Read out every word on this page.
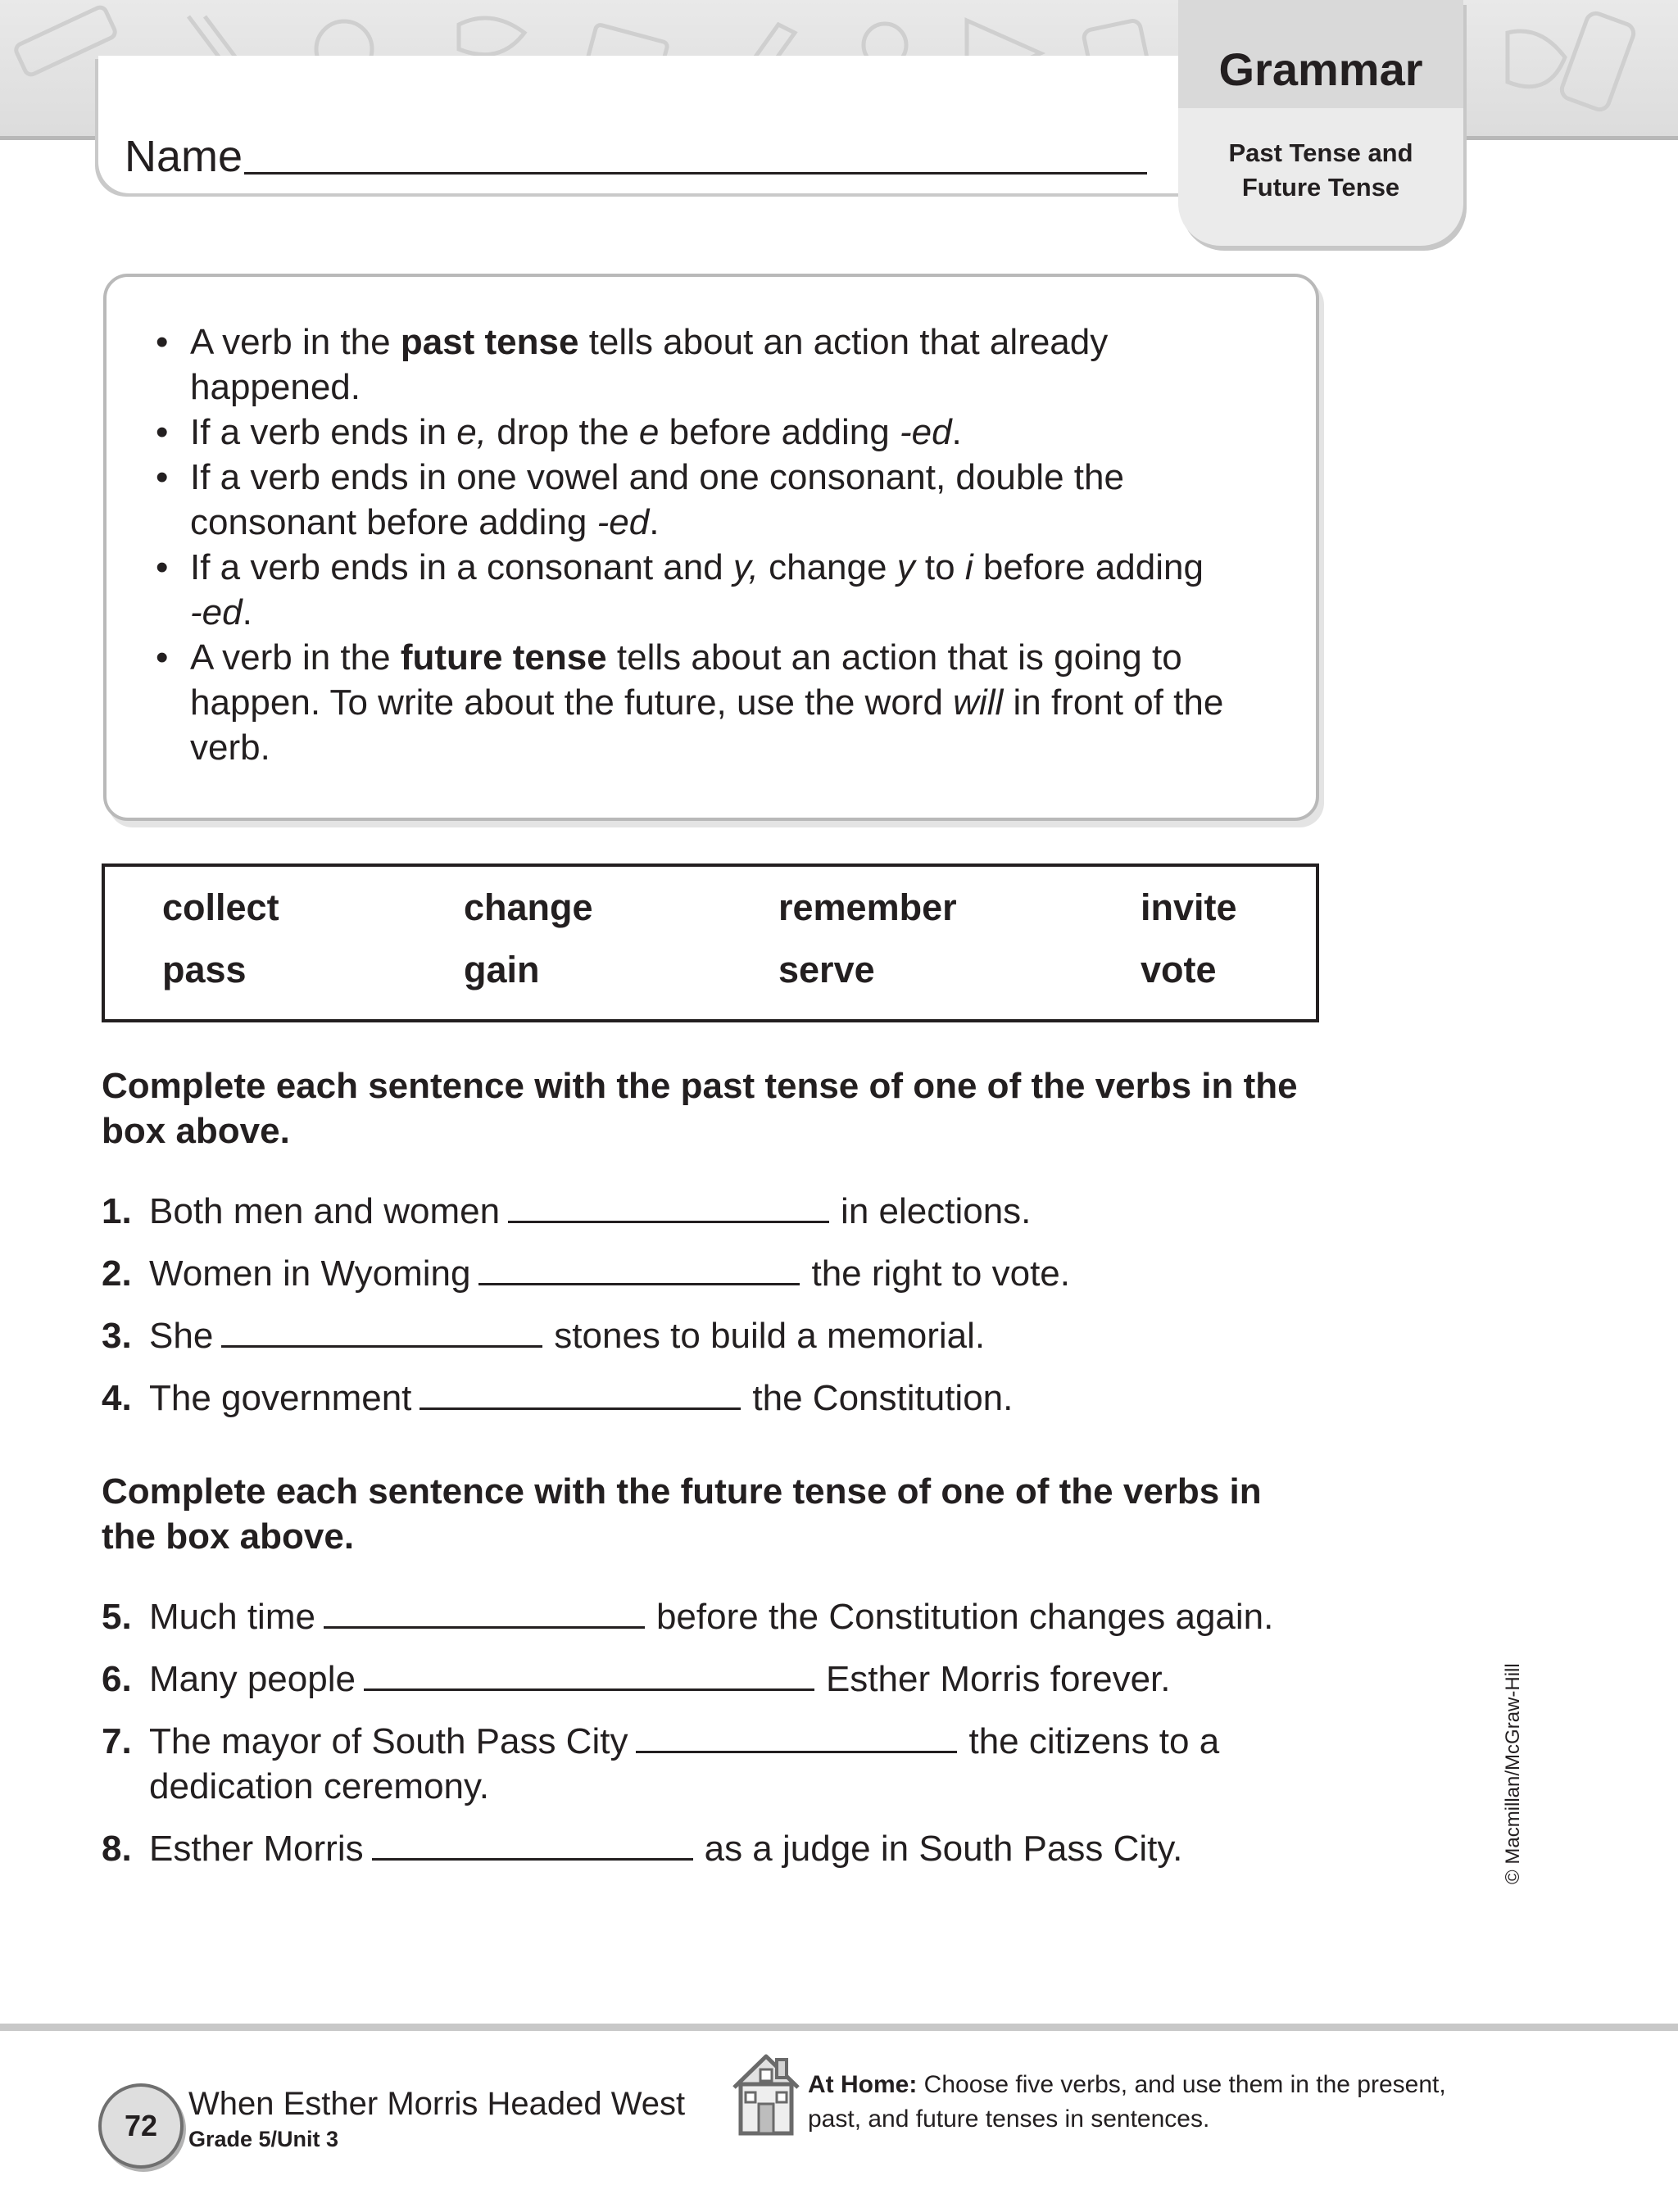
Name
Grammar
Past Tense and
Future Tense
• A verb in the past tense tells about an action that already happened.
• If a verb ends in e, drop the e before adding -ed.
• If a verb ends in one vowel and one consonant, double the consonant before adding -ed.
• If a verb ends in a consonant and y, change y to i before adding
-ed.
• A verb in the future tense tells about an action that is going to happen. To write about the future, use the word will in front of the verb.
collect	change	remember	invite
pass	gain	serve	vote
Complete each sentence with the past tense of one of the verbs in the box above.
1. Both men and women	in elections.
2. Women in Wyoming	the right to vote.
3. She	stones to build a memorial.
4. The government	the Constitution.
Complete each sentence with the future tense of one of the verbs in the box above.
5. Much time	before the Constitution changes again.
6. Many people	Esther Morris forever.
7. The mayor of South Pass City	the citizens to a
dedication ceremony.
8. Esther Morris	as a judge in South Pass City.	© Macmillan/McGraw-Hill
72
When Esther Morris Headed West
Grade 5/Unit 3
At Home: Choose five verbs, and use them in the present, past, and future tenses in sentences.
